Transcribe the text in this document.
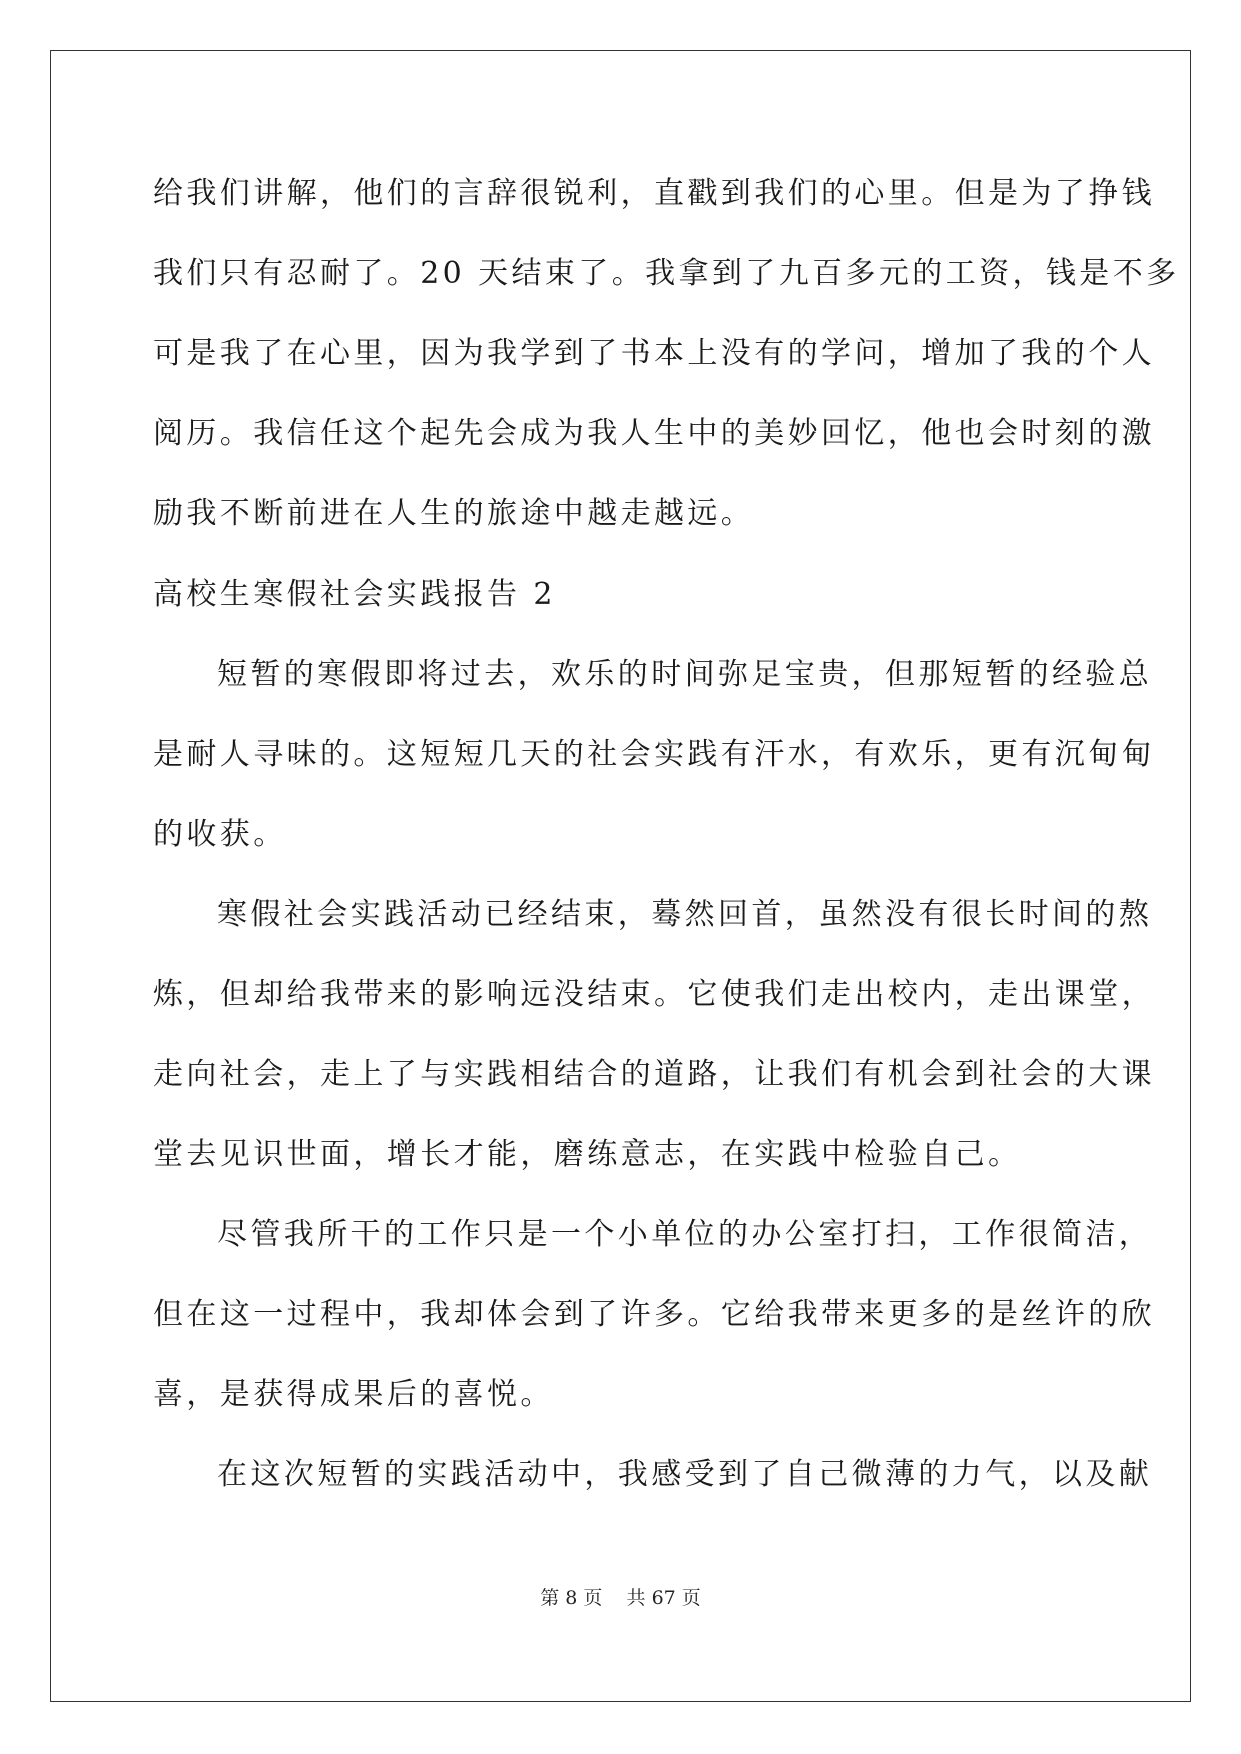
给我们讲解，他们的言辞很锐利，直戳到我们的心里。但是为了挣钱
我们只有忍耐了。20 天结束了。我拿到了九百多元的工资，钱是不多
可是我了在心里，因为我学到了书本上没有的学问，增加了我的个人
阅历。我信任这个起先会成为我人生中的美妙回忆，他也会时刻的激
励我不断前进在人生的旅途中越走越远。
高校生寒假社会实践报告 2
短暂的寒假即将过去，欢乐的时间弥足宝贵，但那短暂的经验总
是耐人寻味的。这短短几天的社会实践有汗水，有欢乐，更有沉甸甸
的收获。
寒假社会实践活动已经结束，蓦然回首，虽然没有很长时间的熬
炼，但却给我带来的影响远没结束。它使我们走出校内，走出课堂，
走向社会，走上了与实践相结合的道路，让我们有机会到社会的大课
堂去见识世面，增长才能，磨练意志，在实践中检验自己。
尽管我所干的工作只是一个小单位的办公室打扫，工作很简洁，
但在这一过程中，我却体会到了许多。它给我带来更多的是丝许的欣
喜，是获得成果后的喜悦。
在这次短暂的实践活动中，我感受到了自己微薄的力气，以及献
第 8 页    共 67 页
